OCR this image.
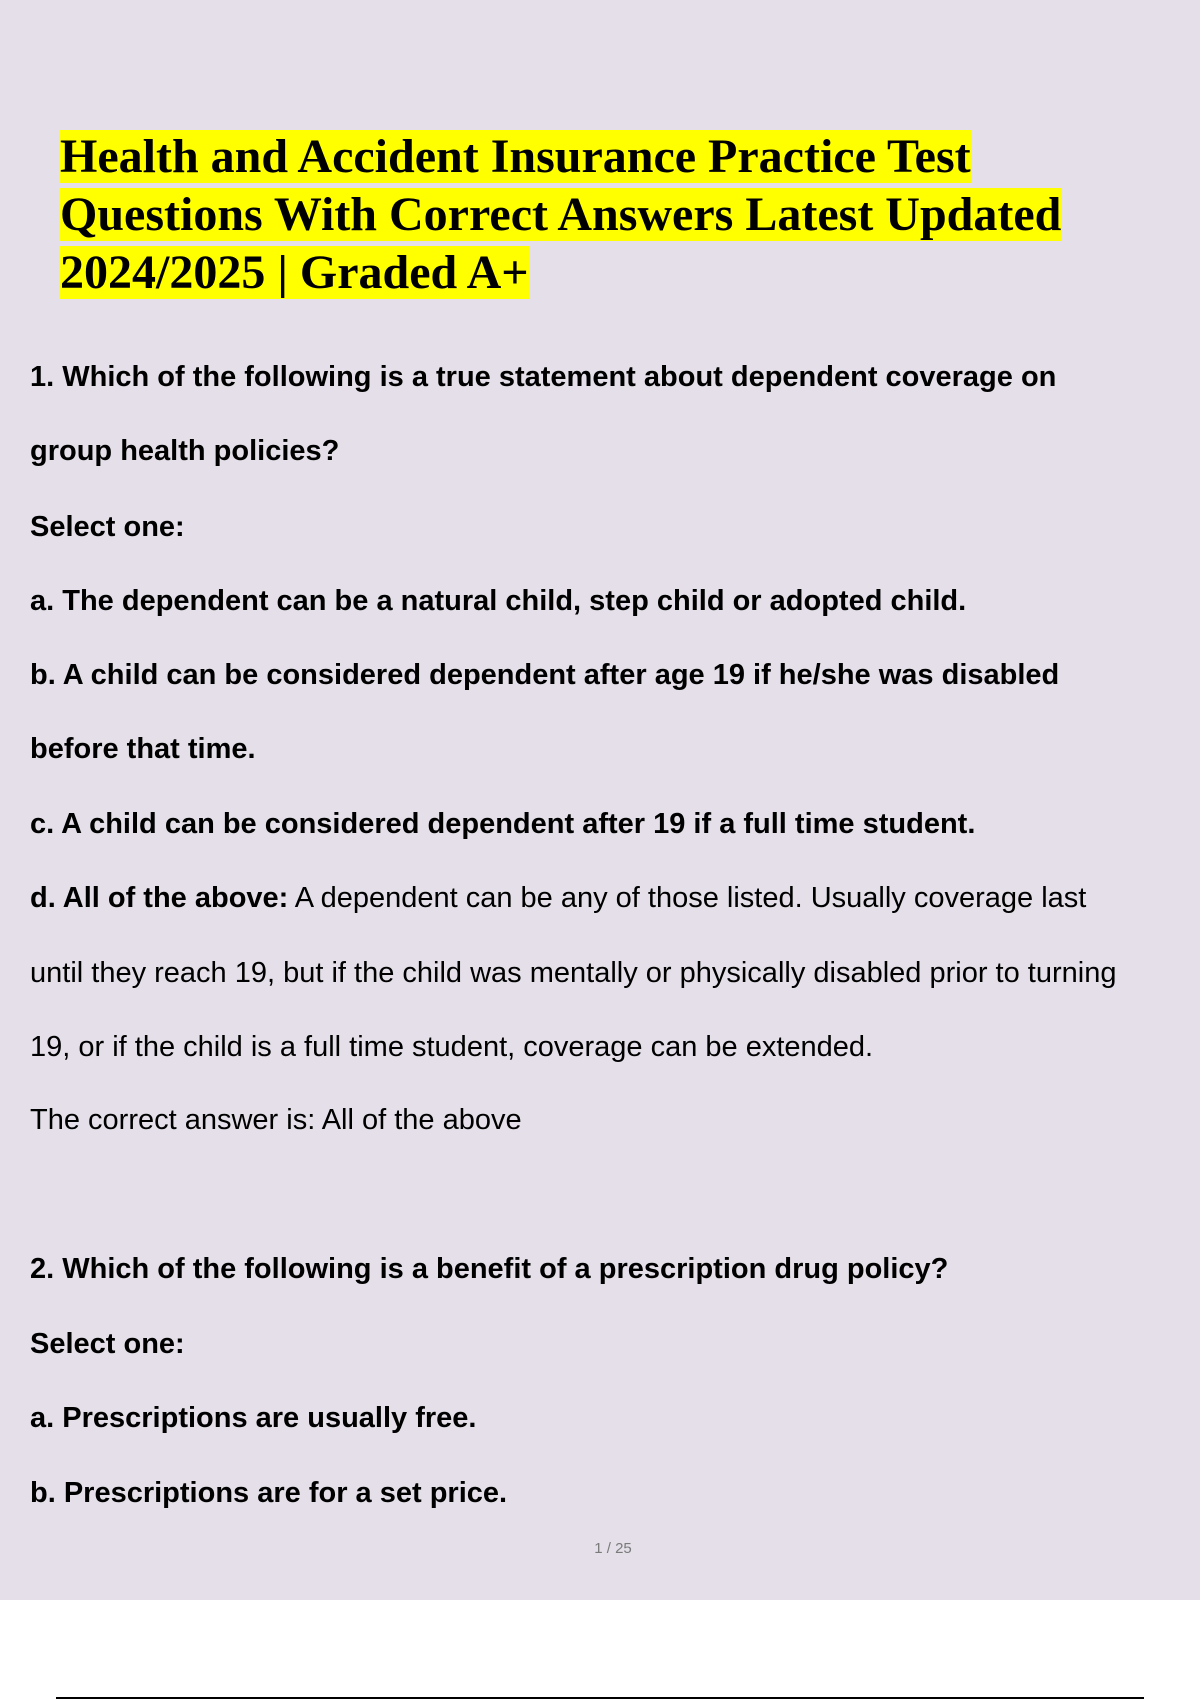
Health and Accident Insurance Practice Test
Questions With Correct Answers Latest Updated
2024/2025 | Graded A+
1. Which of the following is a true statement about dependent coverage on
group health policies?
Select one:
a. The dependent can be a natural child, step child or adopted child.
b. A child can be considered dependent after age 19 if he/she was disabled
before that time.
c. A child can be considered dependent after 19 if a full time student.
d. All of the above: A dependent can be any of those listed. Usually coverage last
until they reach 19, but if the child was mentally or physically disabled prior to turning
19, or if the child is a full time student, coverage can be extended.
The correct answer is: All of the above
2. Which of the following is a benefit of a prescription drug policy?
Select one:
a. Prescriptions are usually free.
b. Prescriptions are for a set price.
1 / 25
